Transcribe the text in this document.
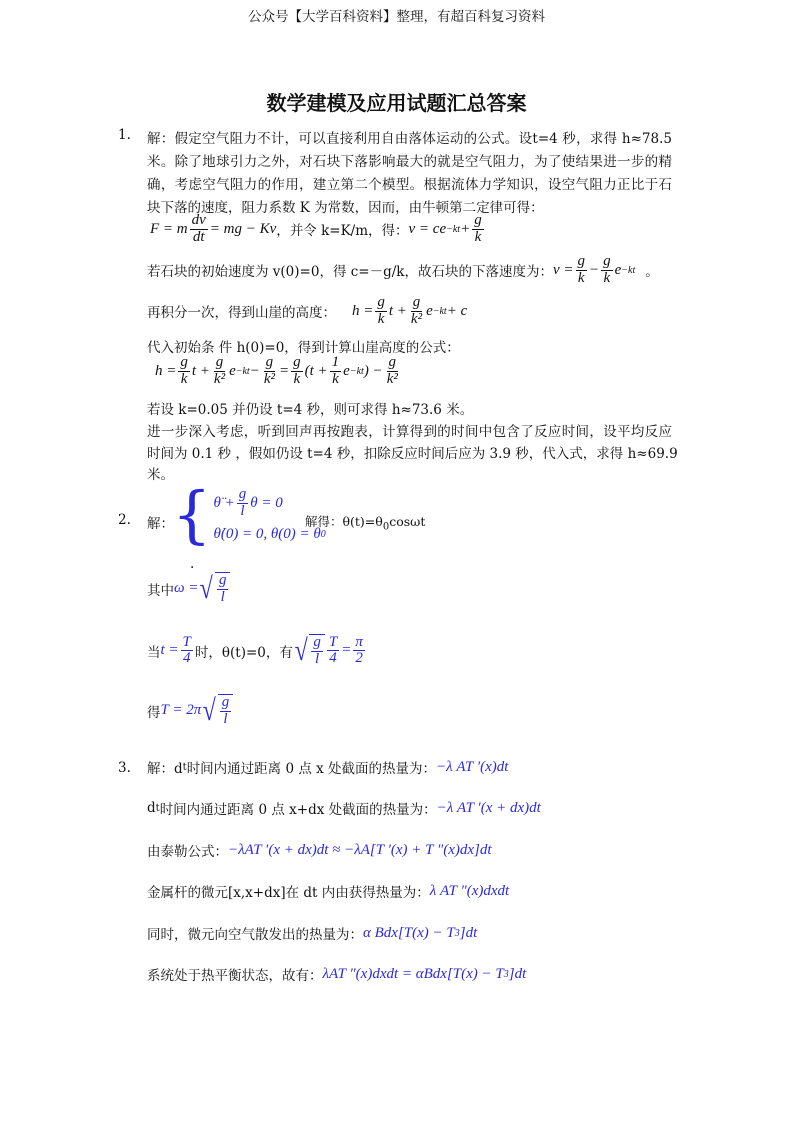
公众号【大学百科资料】整理，有超百科复习资料
数学建模及应用试题汇总答案
1. 解：假定空气阻力不计，可以直接利用自由落体运动的公式。设t=4 秒，求得 h≈78.5
米。除了地球引力之外，对石块下落影响最大的就是空气阻力，为了使结果进一步的精
确，考虑空气阻力的作用，建立第二个模型。根据流体力学知识，设空气阻力正比于石
块下落的速度，阻力系数 K 为常数，因而，由牛顿第二定律可得：
F = m $\frac{dv}{dt}$ = mg − Kv ，并令 k=K/m，得： v = ce $-kt + \frac{g}{k}$
若石块的初始速度为 v(0)=0，得 c=－g/k，故石块的下落速度为： $v = \frac{g}{k} - \frac{g}{k}$ e −kt 。
再积分一次，得到山崖的高度： $h = \frac{g}{k}$ $t + \frac{g}{\text{k²}}$ e −kt + c
代入初始条 件 h(0)=0，得到计算山崖高度的公式：
$h = \frac{g}{k}$ $t + \frac{g}{\text{k²}}$ $e -kt - \frac{g}{\text{k²}} = \frac{g}{k} (t + \frac{1}{k}$ e −kt ) − $\frac{g}{\text{k²}}$
若设 k=0.05 并仍设 t=4 秒，则可求得 h≈73.6 米。
进一步深入考虑，听到回声再按跑表，计算得到的时间中包含了反应时间，设平均反应
时间为 0.1 秒 ，假如仍设 t=4 秒，扣除反应时间后应为 3.9 秒，代入式，求得 h≈69.9
米。
2. 解：
{ θ̈ + $\frac{g}{l}$ θ = 0
θ̇(0) = 0, θ(0) = θ 0
解得：$\theta(t)=\theta_0\cos\omega t$
.
其中 ω = √ $\frac{g}{l}$
当 $t = \frac{T}{4}$ 时，θ(t)=0，有 √ $\frac{g}{l} \frac{T}{4} = \frac{\pi}{2}$
得 T = 2π √ $\frac{g}{l}$
3. 解：d t 时间内通过距离 0 点 x 处截面的热量为： −λ AT ′(x)dt
d t 时间内通过距离 0 点 x+dx 处截面的热量为： −λ AT ′(x + dx)dt
由泰勒公式： −λAT ′(x + dx)dt ≈ −λA[T ′(x) + T ″(x)dx]dt
金属杆的微元[x,x+dx]在 dt 内由获得热量为： λ AT ″(x)dxdt
同时，微元向空气散发出的热量为： α Bdx[T(x) − T 3 ]dt
系统处于热平衡状态，故有： λAT ″(x)dxdt = αBdx[T(x) − T 3 ]dt
